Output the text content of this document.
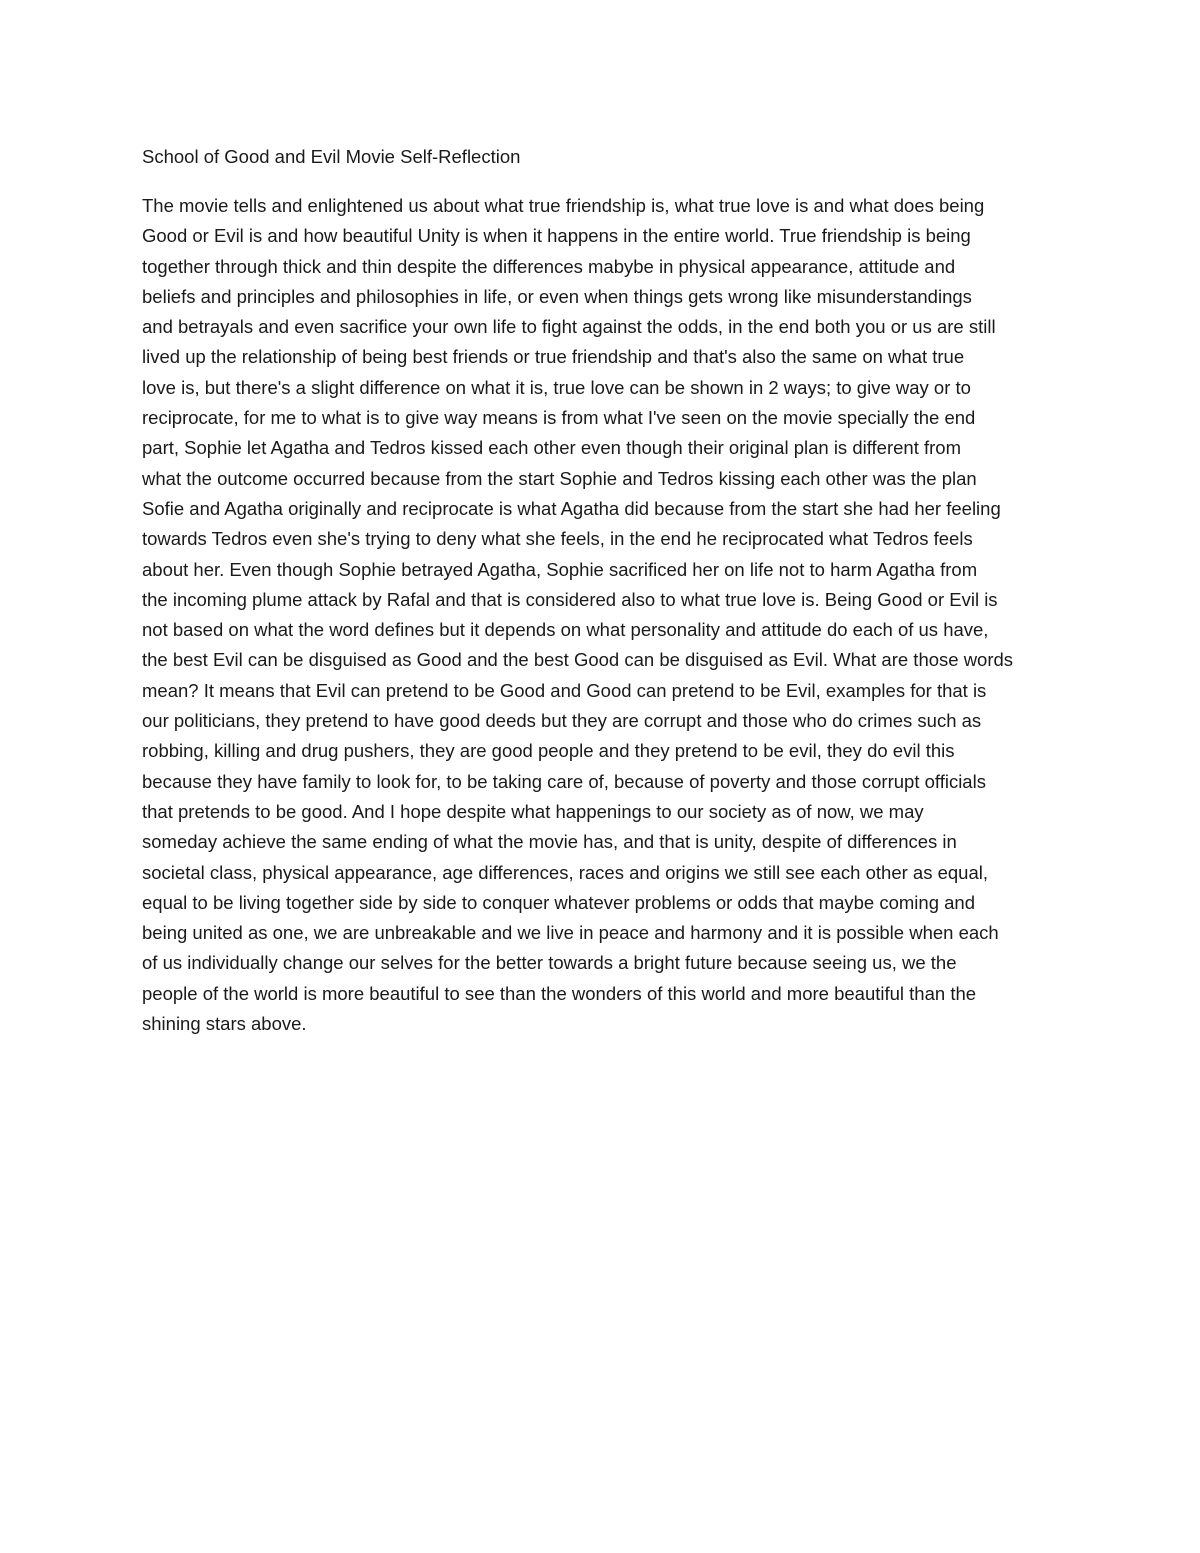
School of Good and Evil Movie Self-Reflection
The movie tells and enlightened us about what true friendship is, what true love is and what does being
Good or Evil is and how beautiful Unity is when it happens in the entire world. True friendship is being
together through thick and thin despite the differences mabybe in physical appearance, attitude and
beliefs and principles and philosophies in life, or even when things gets wrong like misunderstandings
and betrayals and even sacrifice your own life to fight against the odds, in the end both you or us are still
lived up the relationship of being best friends or true friendship and that's also the same on what true
love is, but there's a slight difference on what it is, true love can be shown in 2 ways; to give way or to
reciprocate, for me to what is to give way means is from what I've seen on the movie specially the end
part, Sophie let Agatha and Tedros kissed each other even though their original plan is different from
what the outcome occurred because from the start Sophie and Tedros kissing each other was the plan
Sofie and Agatha originally and reciprocate is what Agatha did because from the start she had her feeling
towards Tedros even she's trying to deny what she feels, in the end he reciprocated what Tedros feels
about her. Even though Sophie betrayed Agatha, Sophie sacrificed her on life not to harm Agatha from
the incoming plume attack by Rafal and that is considered also to what true love is. Being Good or Evil is
not based on what the word defines but it depends on what personality and attitude do each of us have,
the best Evil can be disguised as Good and the best Good can be disguised as Evil. What are those words
mean? It means that Evil can pretend to be Good and Good can pretend to be Evil, examples for that is
our politicians, they pretend to have good deeds but they are corrupt and those who do crimes such as
robbing, killing and drug pushers, they are good people and they pretend to be evil, they do evil this
because they have family to look for, to be taking care of, because of poverty and those corrupt officials
that pretends to be good. And I hope despite what happenings to our society as of now, we may
someday achieve the same ending of what the movie has, and that is unity, despite of differences in
societal class, physical appearance, age differences, races and origins we still see each other as equal,
equal to be living together side by side to conquer whatever problems or odds that maybe coming and
being united as one, we are unbreakable and we live in peace and harmony and it is possible when each
of us individually change our selves for the better towards a bright future because seeing us, we the
people of the world is more beautiful to see than the wonders of this world and more beautiful than the
shining stars above.
